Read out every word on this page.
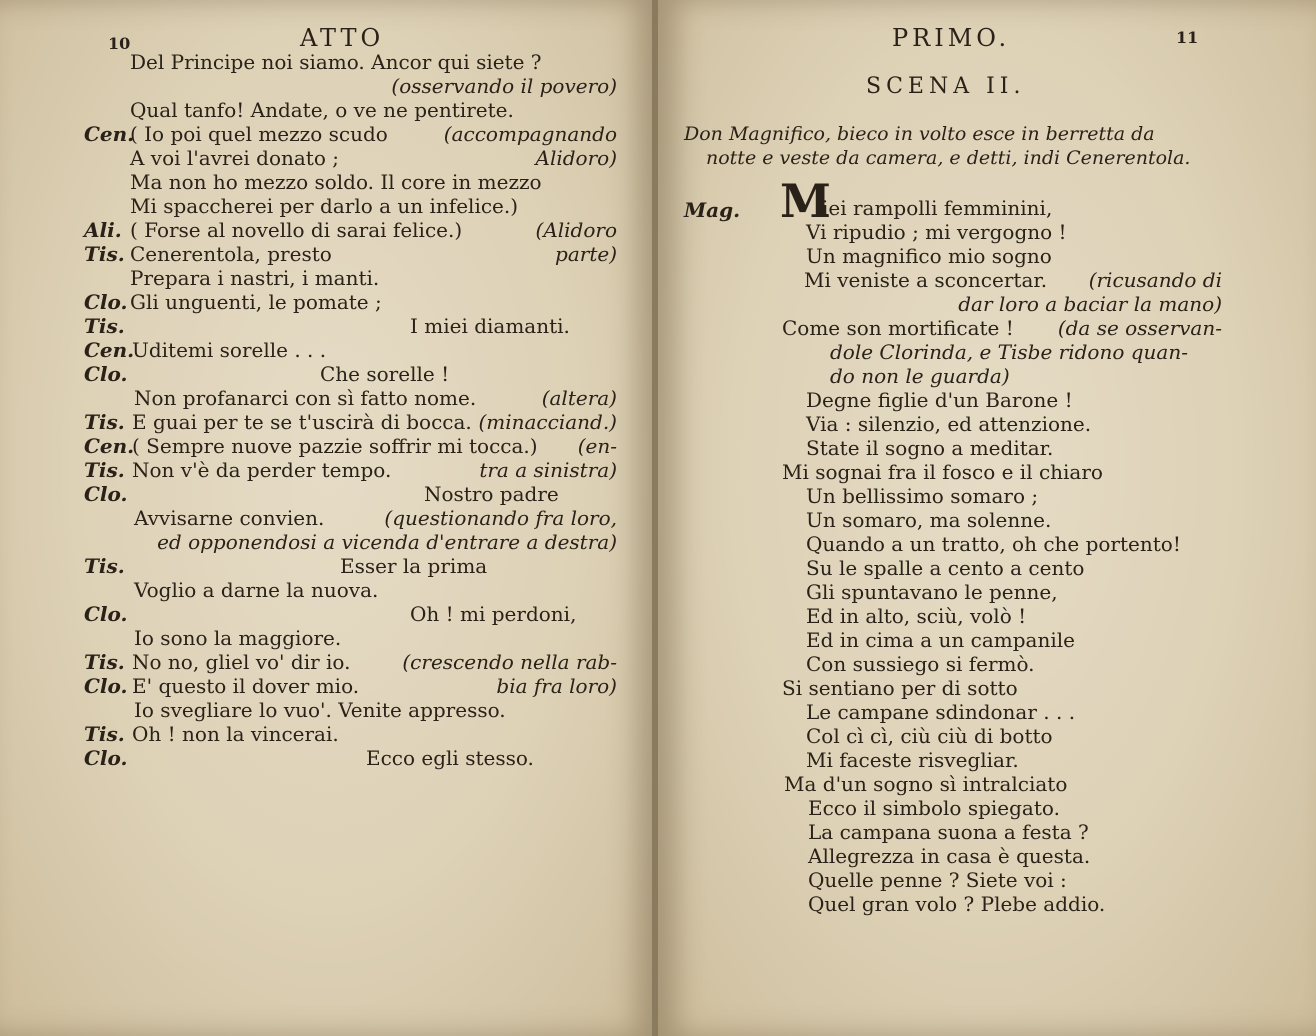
10	ATTO
Del Principe noi siamo. Ancor qui siete ?
(osservando il povero)
Qual tanfo! Andate, o ve ne pentirete.
Cen.
( Io poi quel mezzo scudo	(accompagnando
A voi l'avrei donato ;	Alidoro)
Ma non ho mezzo soldo. Il core in mezzo
Mi spaccherei per darlo a un infelice.)
Ali. ( Forse al novello di sarai felice.)	(Alidoro
Tis. Cenerentola, presto	parte)
Prepara i nastri, i manti.
Clo. Gli unguenti, le pomate ;
Tis.	I miei diamanti.
Cen.
Uditemi sorelle . . .
Clo.	Che sorelle !
Non profanarci con sì fatto nome.	(altera)
Tis. E guai per te se t'uscirà di bocca. (minacciand.)
Cen.
( Sempre nuove pazzie soffrir mi tocca.) (en-
Tis. Non v'è da perder tempo.	tra a sinistra)
Clo.	Nostro padre
Avvisarne convien.	(questionando fra loro,
ed opponendosi a vicenda d'entrare a destra)
Tis.	Esser la prima
Voglio a darne la nuova.
Clo.	Oh ! mi perdoni,
Io sono la maggiore.
Tis. No no, gliel vo' dir io.	(crescendo nella rab-
Clo. E' questo il dover mio.	bia fra loro)
Io svegliare lo vuo'. Venite appresso.
Tis. Oh ! non la vincerai.
Clo.	Ecco egli stesso.
PRIMO.	11
SCENA II.
Don Magnifico, bieco in volto esce in berretta da
notte e veste da camera, e detti, indi Cenerentola.
Mag. M
iei rampolli femminini,
Vi ripudio ; mi vergogno !
Un magnifico mio sogno
Mi veniste a sconcertar. (ricusando di
dar loro a baciar la mano)
Come son mortificate ! (da se osservan-
dole Clorinda, e Tisbe ridono quan-
do non le guarda)
Degne figlie d'un Barone !
Via : silenzio, ed attenzione.
State il sogno a meditar.
Mi sognai fra il fosco e il chiaro
Un bellissimo somaro ;
Un somaro, ma solenne.
Quando a un tratto, oh che portento!
Su le spalle a cento a cento
Gli spuntavano le penne,
Ed in alto, sciù, volò !
Ed in cima a un campanile
Con sussiego si fermò.
Si sentiano per di sotto
Le campane sdindonar . . .
Col cì cì, ciù ciù di botto
Mi faceste risvegliar.
Ma d'un sogno sì intralciato
Ecco il simbolo spiegato.
La campana suona a festa ?
Allegrezza in casa è questa.
Quelle penne ? Siete voi :
Quel gran volo ? Plebe addio.
